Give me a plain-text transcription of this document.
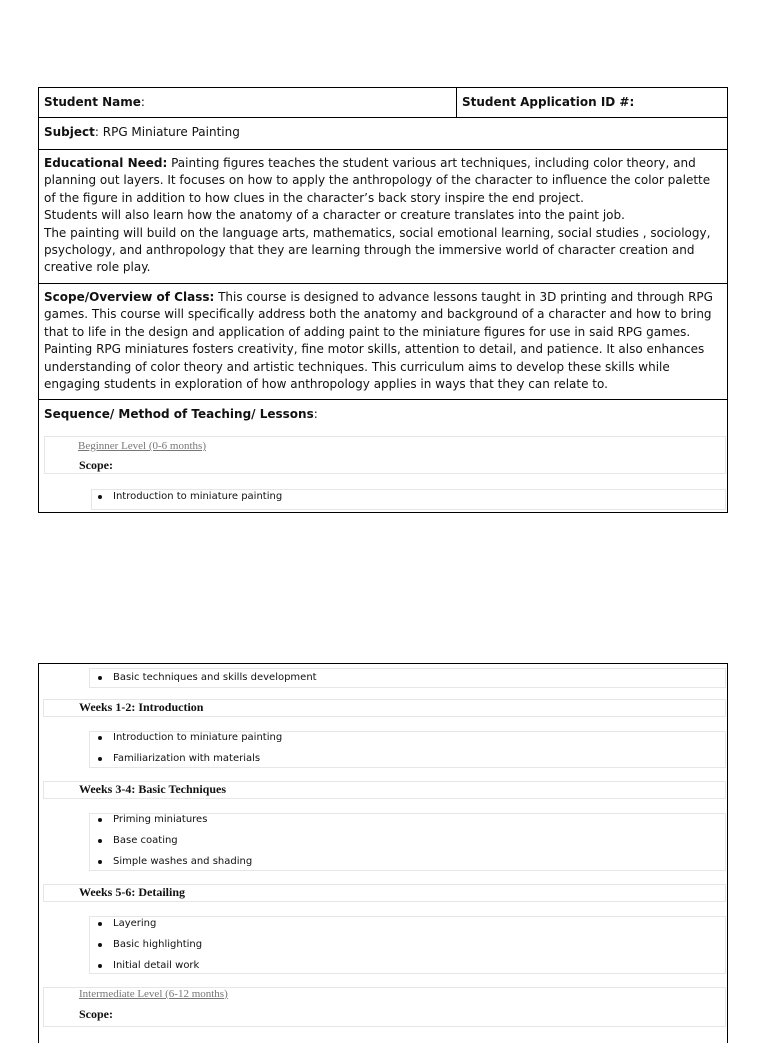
Student Name:	Student Application ID #:
Subject: RPG Miniature Painting
Educational Need: Painting figures teaches the student various art techniques, including color theory, and planning out layers. It focuses on how to apply the anthropology of the character to influence the color palette of the figure in addition to how clues in the character’s back story inspire the end project.
Students will also learn how the anatomy of a character or creature translates into the paint job.
The painting will build on the language arts, mathematics, social emotional learning, social studies , sociology, psychology, and anthropology that they are learning through the immersive world of character creation and creative role play.
Scope/Overview of Class: This course is designed to advance lessons taught in 3D printing and through RPG games. This course will specifically address both the anatomy and background of a character and how to bring that to life in the design and application of adding paint to the miniature figures for use in said RPG games.
Painting RPG miniatures fosters creativity, fine motor skills, attention to detail, and patience. It also enhances understanding of color theory and artistic techniques. This curriculum aims to develop these skills while engaging students in exploration of how anthropology applies in ways that they can relate to.
Sequence/ Method of Teaching/ Lessons:
Beginner Level (0-6 months)
Scope:
Introduction to miniature painting
Basic techniques and skills development
Weeks 1-2: Introduction
Introduction to miniature painting
Familiarization with materials
Weeks 3-4: Basic Techniques
Priming miniatures
Base coating
Simple washes and shading
Weeks 5-6: Detailing
Layering
Basic highlighting
Initial detail work
Intermediate Level (6-12 months)
Scope:
